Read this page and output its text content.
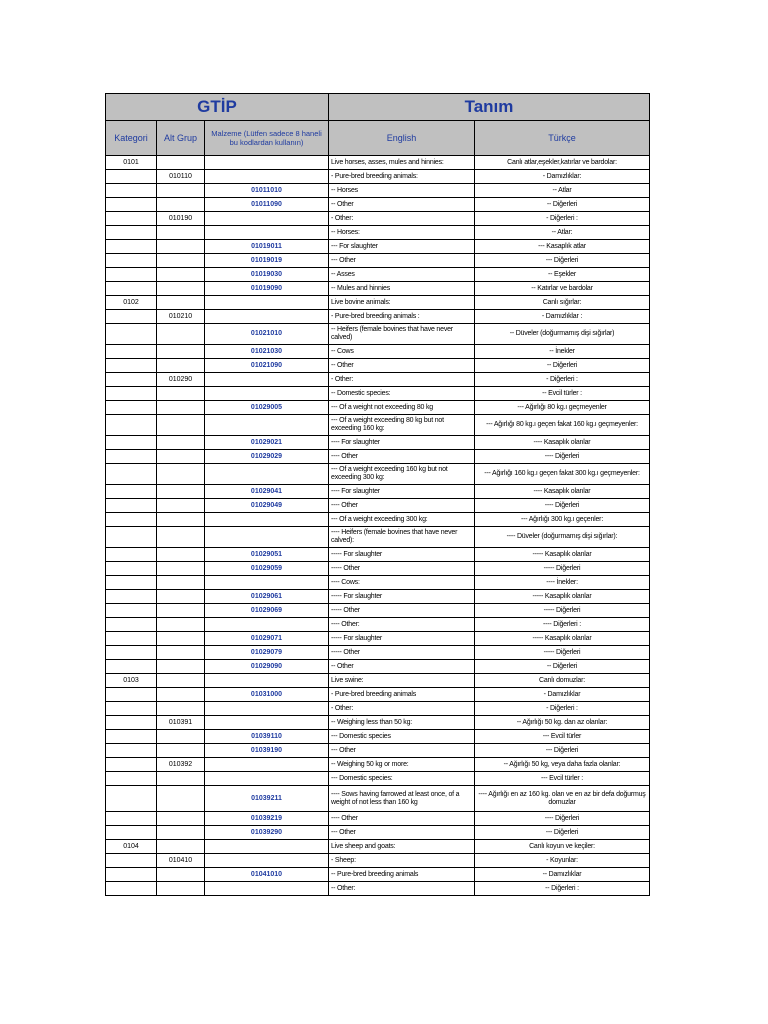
GTİP			Tanım	
Kategori	Alt Grup	Malzeme (Lütfen sadece 8 haneli bu kodlardan kullanın)	English	Türkçe
0101			Live horses, asses, mules and hinnies:	Canlı atlar,eşekler,katırlar ve bardolar:
	010110		- Pure-bred breeding animals:	- Damızlıklar:
		01011010	-- Horses	-- Atlar
		01011090	-- Other	-- Diğerleri
	010190		- Other:	- Diğerleri :
			-- Horses:	-- Atlar:
		01019011	--- For slaughter	--- Kasaplık atlar
		01019019	--- Other	--- Diğerleri
		01019030	-- Asses	-- Eşekler
		01019090	-- Mules and hinnies	-- Katırlar ve bardolar
0102			Live bovine animals:	Canlı sığırlar:
	010210		- Pure-bred breeding animals :	- Damızlıklar :
		01021010	-- Heifers (female bovines that have never calved)	-- Düveler (doğurmamış dişi sığırlar)
		01021030	-- Cows	-- İnekler
		01021090	-- Other	-- Diğerleri
	010290		- Other:	- Diğerleri :
			-- Domestic species:	-- Evcil türler :
		01029005	--- Of a weight not exceeding 80 kg	--- Ağırlığı 80 kg.ı geçmeyenler
			--- Of a weight exceeding 80 kg but not exceeding 160 kg:	--- Ağırlığı 80 kg.ı geçen fakat 160 kg.ı geçmeyenler:
		01029021	---- For slaughter	---- Kasaplık olanlar
		01029029	---- Other	---- Diğerleri
			--- Of a weight exceeding 160 kg but not exceeding 300 kg:	--- Ağırlığı 160 kg.ı geçen fakat 300 kg.ı geçmeyenler:
		01029041	---- For slaughter	---- Kasaplık olanlar
		01029049	---- Other	---- Diğerleri
			--- Of a weight exceeding 300 kg:	--- Ağırlığı 300 kg.ı geçenler:
			---- Heifers (female bovines that have never calved):	---- Düveler (doğurmamış dişi sığırlar):
		01029051	----- For slaughter	----- Kasaplık olanlar
		01029059	----- Other	----- Diğerleri
			---- Cows:	---- İnekler:
		01029061	----- For slaughter	----- Kasaplık olanlar
		01029069	----- Other	----- Diğerleri
			---- Other:	---- Diğerleri :
		01029071	----- For slaughter	----- Kasaplık olanlar
		01029079	----- Other	----- Diğerleri
		01029090	-- Other	-- Diğerleri
0103			Live swine:	Canlı domuzlar:
		01031000	- Pure-bred breeding animals	- Damızlıklar
			- Other:	- Diğerleri :
	010391		-- Weighing less than 50 kg:	-- Ağırlığı 50 kg. dan az olanlar:
		01039110	--- Domestic species	--- Evcil türler
		01039190	--- Other	--- Diğerleri
	010392		-- Weighing 50 kg or more:	-- Ağırlığı 50 kg, veya daha fazla olanlar:
			--- Domestic species:	--- Evcil türler :
		01039211	---- Sows having farrowed at least once, of a weight of not less than 160 kg	---- Ağırlığı en az 160 kg. olan ve en az bir defa doğurmuş domuzlar
		01039219	---- Other	---- Diğerleri
		01039290	--- Other	--- Diğerleri
0104			Live sheep and goats:	Canlı koyun ve keçiler:
	010410		- Sheep:	- Koyunlar:
		01041010	-- Pure-bred breeding animals	-- Damızlıklar
			-- Other:	-- Diğerleri :
